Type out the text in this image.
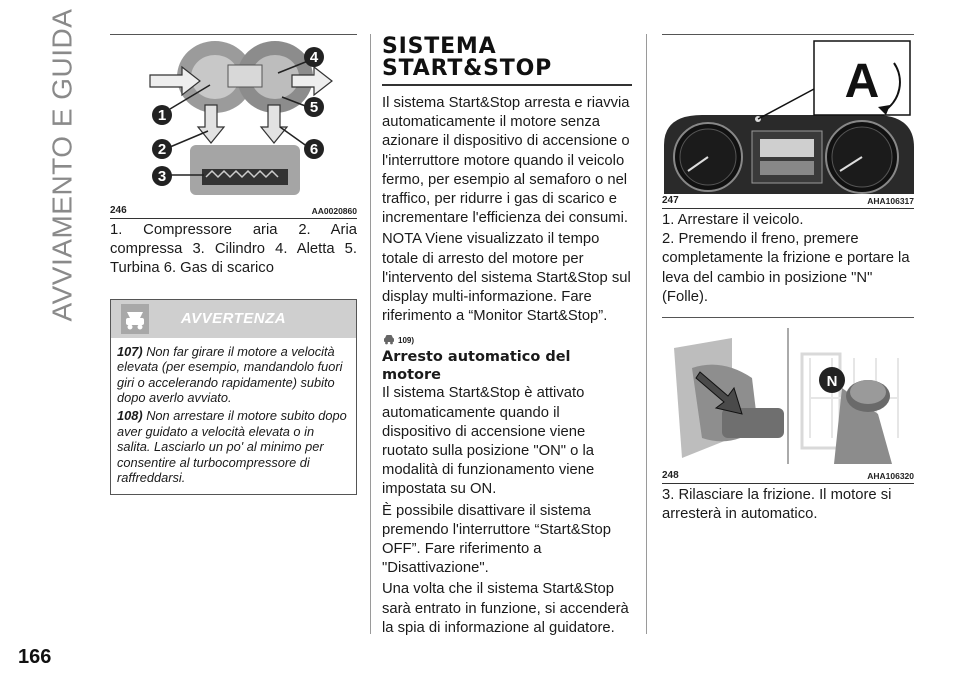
AVVIAMENTO E GUIDA
166
1
2
3
4
5
6
246	AA0020860

1. Compressore aria 2. Aria compressa 3. Cilindro 4. Aletta 5. Turbina 6. Gas di scarico

AVVERTENZA

107) Non far girare il motore a velocità elevata (per esempio, mandandolo fuori giri o accelerando rapidamente) subito dopo averlo avviato.

108) Non arrestare il motore subito dopo aver guidato a velocità elevata o in salita. Lasciarlo un po' al minimo per consentire al turbocompressore di raffreddarsi.

SISTEMA
START&STOP

Il sistema Start&Stop arresta e riavvia automaticamente il motore senza azionare il dispositivo di accensione o l'interruttore motore quando il veicolo fermo, per esempio al semaforo o nel traffico, per ridurre i gas di scarico e incrementare l'efficienza dei consumi.

NOTA Viene visualizzato il tempo totale di arresto del motore per l'intervento del sistema Start&Stop sul display multi-informazione. Fare riferimento a “Monitor Start&Stop”.

109)
Arresto automatico del motore

Il sistema Start&Stop è attivato automaticamente quando il dispositivo di accensione viene ruotato sulla posizione "ON" o la modalità di funzionamento viene impostata su ON.

È possibile disattivare il sistema premendo l'interruttore “Start&Stop OFF”. Fare riferimento a "Disattivazione".

Una volta che il sistema Start&Stop sarà entrato in funzione, si accenderà la spia di informazione al guidatore.

A
247	AHA106317

1. Arrestare il veicolo.

2. Premendo il freno, premere completamente la frizione e portare la leva del cambio in posizione "N" (Folle).

N
248	AHA106320

3. Rilasciare la frizione. Il motore si arresterà in automatico.
